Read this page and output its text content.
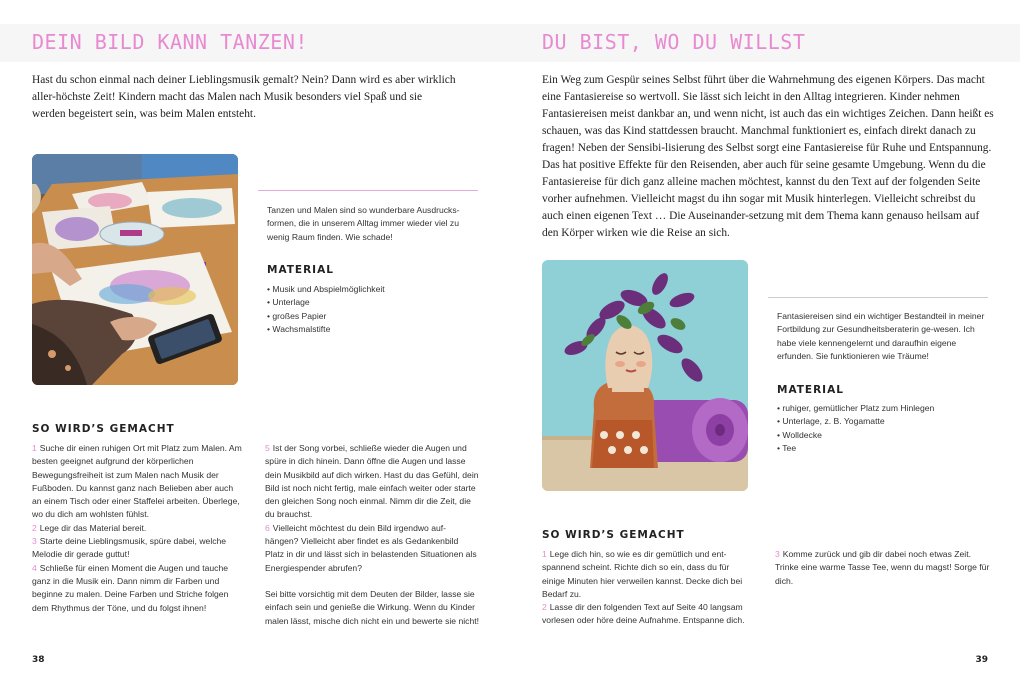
DEIN BILD KANN TANZEN!
Hast du schon einmal nach deiner Lieblingsmusik gemalt? Nein? Dann wird es aber wirklich aller-höchste Zeit! Kindern macht das Malen nach Musik besonders viel Spaß und sie werden begeistert sein, was beim Malen entsteht.
Tanzen und Malen sind so wunderbare Ausdrucks-formen, die in unserem Alltag immer wieder viel zu wenig Raum finden. Wie schade!
MATERIAL
• Musik und Abspielmöglichkeit
• Unterlage
• großes Papier
• Wachsmalstifte
SO WIRD’S GEMACHT

1 Suche dir einen ruhigen Ort mit Platz zum Malen. Am besten geeignet aufgrund der körperlichen Bewegungsfreiheit ist zum Malen nach Musik der Fußboden. Du kannst ganz nach Belieben aber auch an einem Tisch oder einer Staffelei arbeiten. Überlege, wo du dich am wohlsten fühlst.

2 Lege dir das Material bereit.

3 Starte deine Lieblingsmusik, spüre dabei, welche Melodie dir gerade guttut!

4 Schließe für einen Moment die Augen und tauche ganz in die Musik ein. Dann nimm dir Farben und beginne zu malen. Deine Farben und Striche folgen dem Rhythmus der Töne, und du folgst ihnen!

5 Ist der Song vorbei, schließe wieder die Augen und spüre in dich hinein. Dann öffne die Augen und lasse dein Musikbild auf dich wirken. Hast du das Gefühl, dein Bild ist noch nicht fertig, male einfach weiter oder starte den gleichen Song noch einmal. Nimm dir die Zeit, die du brauchst.

6 Vielleicht möchtest du dein Bild irgendwo auf-hängen? Vielleicht aber findet es als Gedankenbild Platz in dir und lässt sich in belastenden Situationen als Energiespender abrufen?

Sei bitte vorsichtig mit dem Deuten der Bilder, lasse sie einfach sein und genieße die Wirkung. Wenn du Kinder malen lässt, mische dich nicht ein und bewerte sie nicht!

38
DU BIST, WO DU WILLST
Ein Weg zum Gespür seines Selbst führt über die Wahrnehmung des eigenen Körpers. Das macht eine Fantasiereise so wertvoll. Sie lässt sich leicht in den Alltag integrieren. Kinder nehmen Fantasiereisen meist dankbar an, und wenn nicht, ist auch das ein wichtiges Zeichen. Dann heißt es schauen, was das Kind stattdessen braucht. Manchmal funktioniert es, einfach direkt danach zu fragen! Neben der Sensibi-lisierung des Selbst sorgt eine Fantasiereise für Ruhe und Entspannung. Das hat positive Effekte für den Reisenden, aber auch für seine gesamte Umgebung. Wenn du die Fantasiereise für dich ganz alleine machen möchtest, kannst du den Text auf der folgenden Seite vorher aufnehmen. Vielleicht magst du ihn sogar mit Musik hinterlegen. Vielleicht schreibst du auch einen eigenen Text … Die Auseinander-setzung mit dem Thema kann genauso heilsam auf den Körper wirken wie die Reise an sich.
Fantasiereisen sind ein wichtiger Bestandteil in meiner Fortbildung zur Gesundheitsberaterin ge-wesen. Ich habe viele kennengelernt und daraufhin eigene erfunden. Sie funktionieren wie Träume!
MATERIAL
• ruhiger, gemütlicher Platz zum Hinlegen
• Unterlage, z. B. Yogamatte
• Wolldecke
• Tee
SO WIRD’S GEMACHT

1 Lege dich hin, so wie es dir gemütlich und ent-spannend scheint. Richte dich so ein, dass du für einige Minuten hier verweilen kannst. Decke dich bei Bedarf zu.

2 Lasse dir den folgenden Text auf Seite 40 langsam vorlesen oder höre deine Aufnahme. Entspanne dich.

3 Komme zurück und gib dir dabei noch etwas Zeit. Trinke eine warme Tasse Tee, wenn du magst! Sorge für dich.

39
